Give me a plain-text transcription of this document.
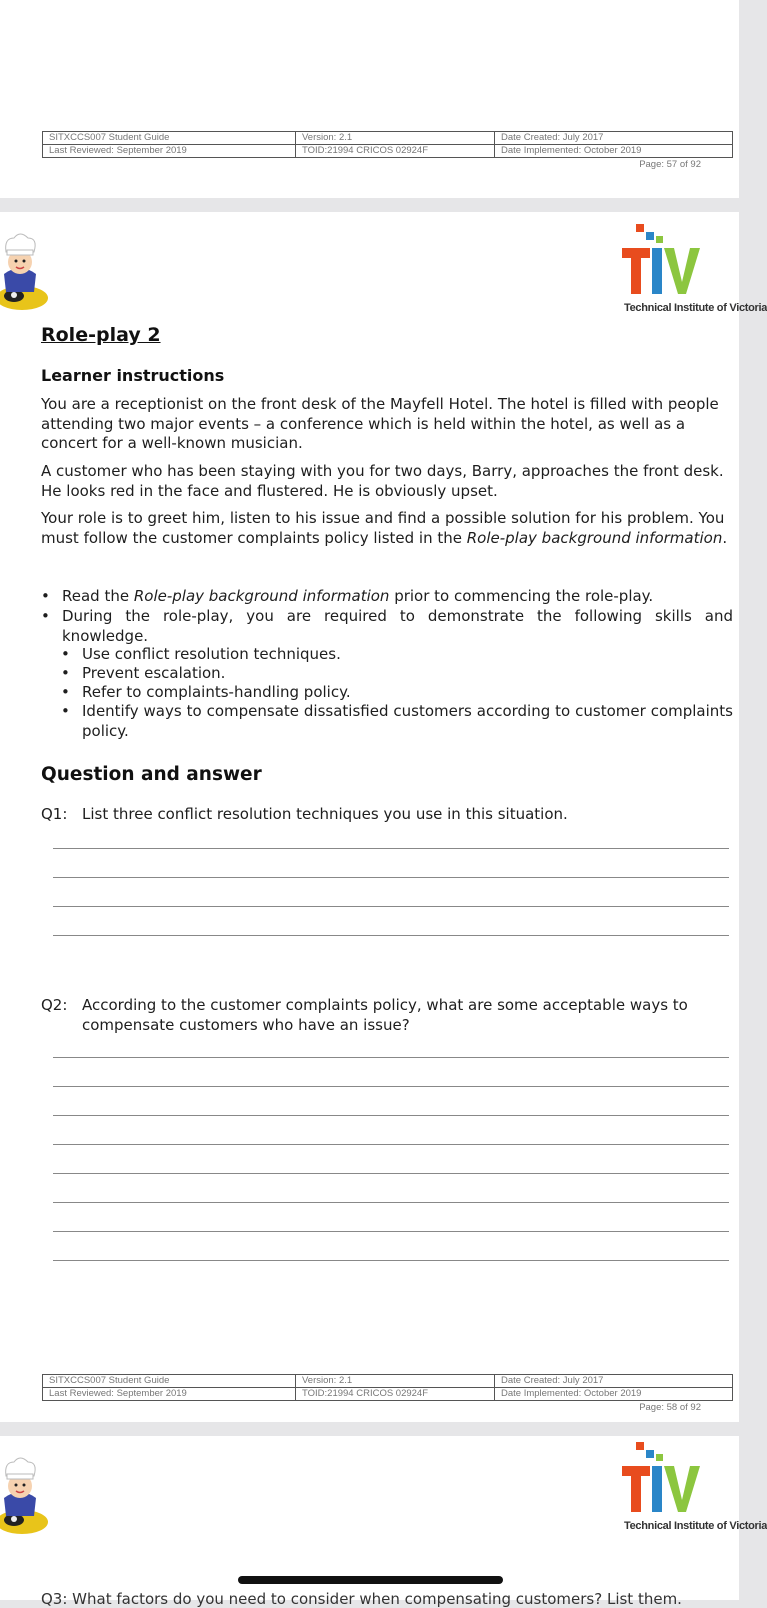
SITXCCS007 Student Guide	Version: 2.1	Date Created: July 2017
Last Reviewed: September 2019	TOID:21994 CRICOS 02924F	Date Implemented: October 2019
Page: 57 of 92
Technical Institute of Victoria
Role-play 2
Learner instructions
You are a receptionist on the front desk of the Mayfell Hotel. The hotel is filled with people attending two major events – a conference which is held within the hotel, as well as a concert for a well-known musician.
A customer who has been staying with you for two days, Barry, approaches the front desk. He looks red in the face and flustered. He is obviously upset.
Your role is to greet him, listen to his issue and find a possible solution for his problem. You must follow the customer complaints policy listed in the Role-play background information.
• Read the Role-play background information prior to commencing the role-play.
• During the role-play, you are required to demonstrate the following skills and knowledge.
• Use conflict resolution techniques.
• Prevent escalation.
• Refer to complaints-handling policy.
• Identify ways to compensate dissatisfied customers according to customer complaints policy.
Question and answer
Q1: List three conflict resolution techniques you use in this situation.
Q2: According to the customer complaints policy, what are some acceptable ways to compensate customers who have an issue?
SITXCCS007 Student Guide	Version: 2.1	Date Created: July 2017
Last Reviewed: September 2019	TOID:21994 CRICOS 02924F	Date Implemented: October 2019
Page: 58 of 92
Technical Institute of Victoria
Q3: What factors do you need to consider when compensating customers? List them.
